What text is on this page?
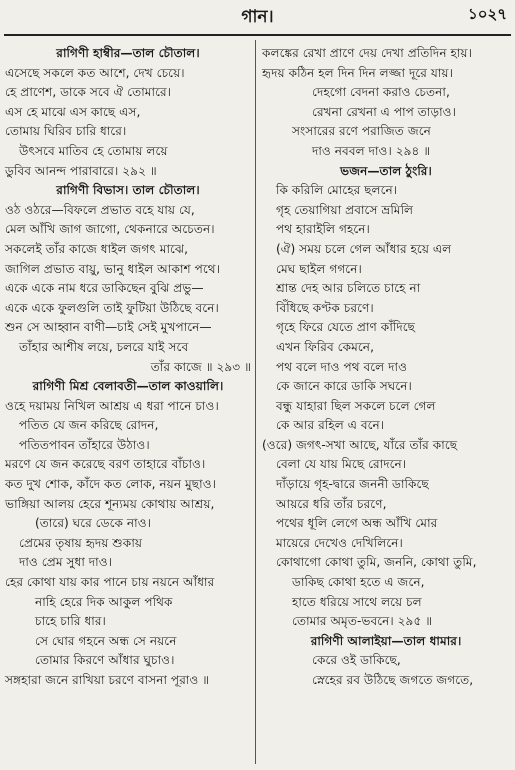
গান।	১০২৭
রাগিণী হাম্বীর—তাল চৌতাল।
এসেছে সকলে কত আশে, দেখ চেয়ে।
হে প্রাণেশ, ডাকে সবে ঐ তোমারে।
এস হে মাঝে এস কাছে এস,
তোমায় ঘিরিব চারি ধারে।
উৎসবে মাতিব হে তোমায় লয়ে
ডুবিব আনন্দ পারাবারে। ২৯২ ॥
রাগিণী বিভাস। তাল চৌতাল।
ওঠ ওঠরে—বিফলে প্রভাত বহে যায় যে,
মেল আঁখি জাগ জাগো, থেকনারে অচেতন।
সকলেই তাঁর কাজে ধাইল জগৎ মাঝে,
জাগিল প্রভাত বায়ু, ভানু ধাইল আকাশ পথে।
একে একে নাম ধরে ডাকিছেন বুঝি প্রভু—
একে একে ফুলগুলি তাই ফুটিয়া উঠিছে বনে।
শুন সে আহ্বান বাণী—চাই সেই মুখপানে—
তাঁহার আশীষ লয়ে, চলরে যাই সবে
তাঁর কাজে ॥ ২৯৩ ॥
রাগিণী মিশ্র বেলাবতী—তাল কাওয়ালি।
ওহে দয়াময় নিখিল আশ্রয় এ ধরা পানে চাও।
পতিত যে জন করিছে রোদন,
পতিতপাবন তাঁহারে উঠাও।
মরণে যে জন করেছে বরণ তাহারে বাঁচাও।
কত দুখ শোক, কাঁদে কত লোক, নয়ন মুছাও।
ভাঙ্গিয়া আলয় হেরে শূন্যময় কোথায় আশ্রয়,
(তারে) ঘরে ডেকে নাও।
প্রেমের তৃষায় হৃদয় শুকায়
দাও প্রেম সুধা দাও।
হের কোথা যায় কার পানে চায় নয়নে আঁধার
নাহি হেরে দিক আকুল পথিক
চাহে চারি ধার।
সে ঘোর গহনে অন্ধ সে নয়নে
তোমার কিরণে আঁধার ঘুচাও।
সঙ্গহারা জনে রাখিয়া চরণে বাসনা পূরাও ॥
কলঙ্কের রেখা প্রাণে দেয় দেখা প্রতিদিন হায়।
হৃদয় কঠিন হল দিন দিন লজ্জা দূরে যায়।
দেহগো বেদনা করাও চেতনা,
রেখনা রেখনা এ পাপ তাড়াও।
সংসারের রণে পরাজিত জনে
দাও নববল দাও। ২৯৪ ॥
ভজন—তাল ঠুংরি।
কি করিলি মোহের ছলনে।
গৃহ তেয়াগিয়া প্রবাসে ভ্রমিলি
পথ হারাইলি গহনে।
(ঐ) সময় চলে গেল আঁধার হয়ে এল
মেঘ ছাইল গগনে।
শ্রান্ত দেহ আর চলিতে চাহে না
বিঁধিছে কণ্টক চরণে।
গৃহে ফিরে যেতে প্রাণ কাঁদিছে
এখন ফিরিব কেমনে,
পথ বলে দাও পথ বলে দাও
কে জানে কারে ডাকি সঘনে।
বন্ধু যাহারা ছিল সকলে চলে গেল
কে আর রহিল এ বনে।
(ওরে) জগৎ-সখা আছে, যাঁরে তাঁর কাছে
বেলা যে যায় মিছে রোদনে।
দাঁড়ায়ে গৃহ-দ্বারে জননী ডাকিছে
আয়রে ধরি তাঁর চরণে,
পথের ধূলি লেগে অন্ধ আঁখি মোর
মায়েরে দেখেও দেখিলিনে।
কোথাগো কোথা তুমি, জননি, কোথা তুমি,
ডাকিছ কোথা হতে এ জনে,
হাতে ধরিয়ে সাথে লয়ে চল
তোমার অমৃত-ভবনে। ২৯৫ ॥
রাগিণী আলাইয়া—তাল ধামার।
কেরে ওই ডাকিছে,
স্নেহের রব উঠিছে জগতে জগতে,
